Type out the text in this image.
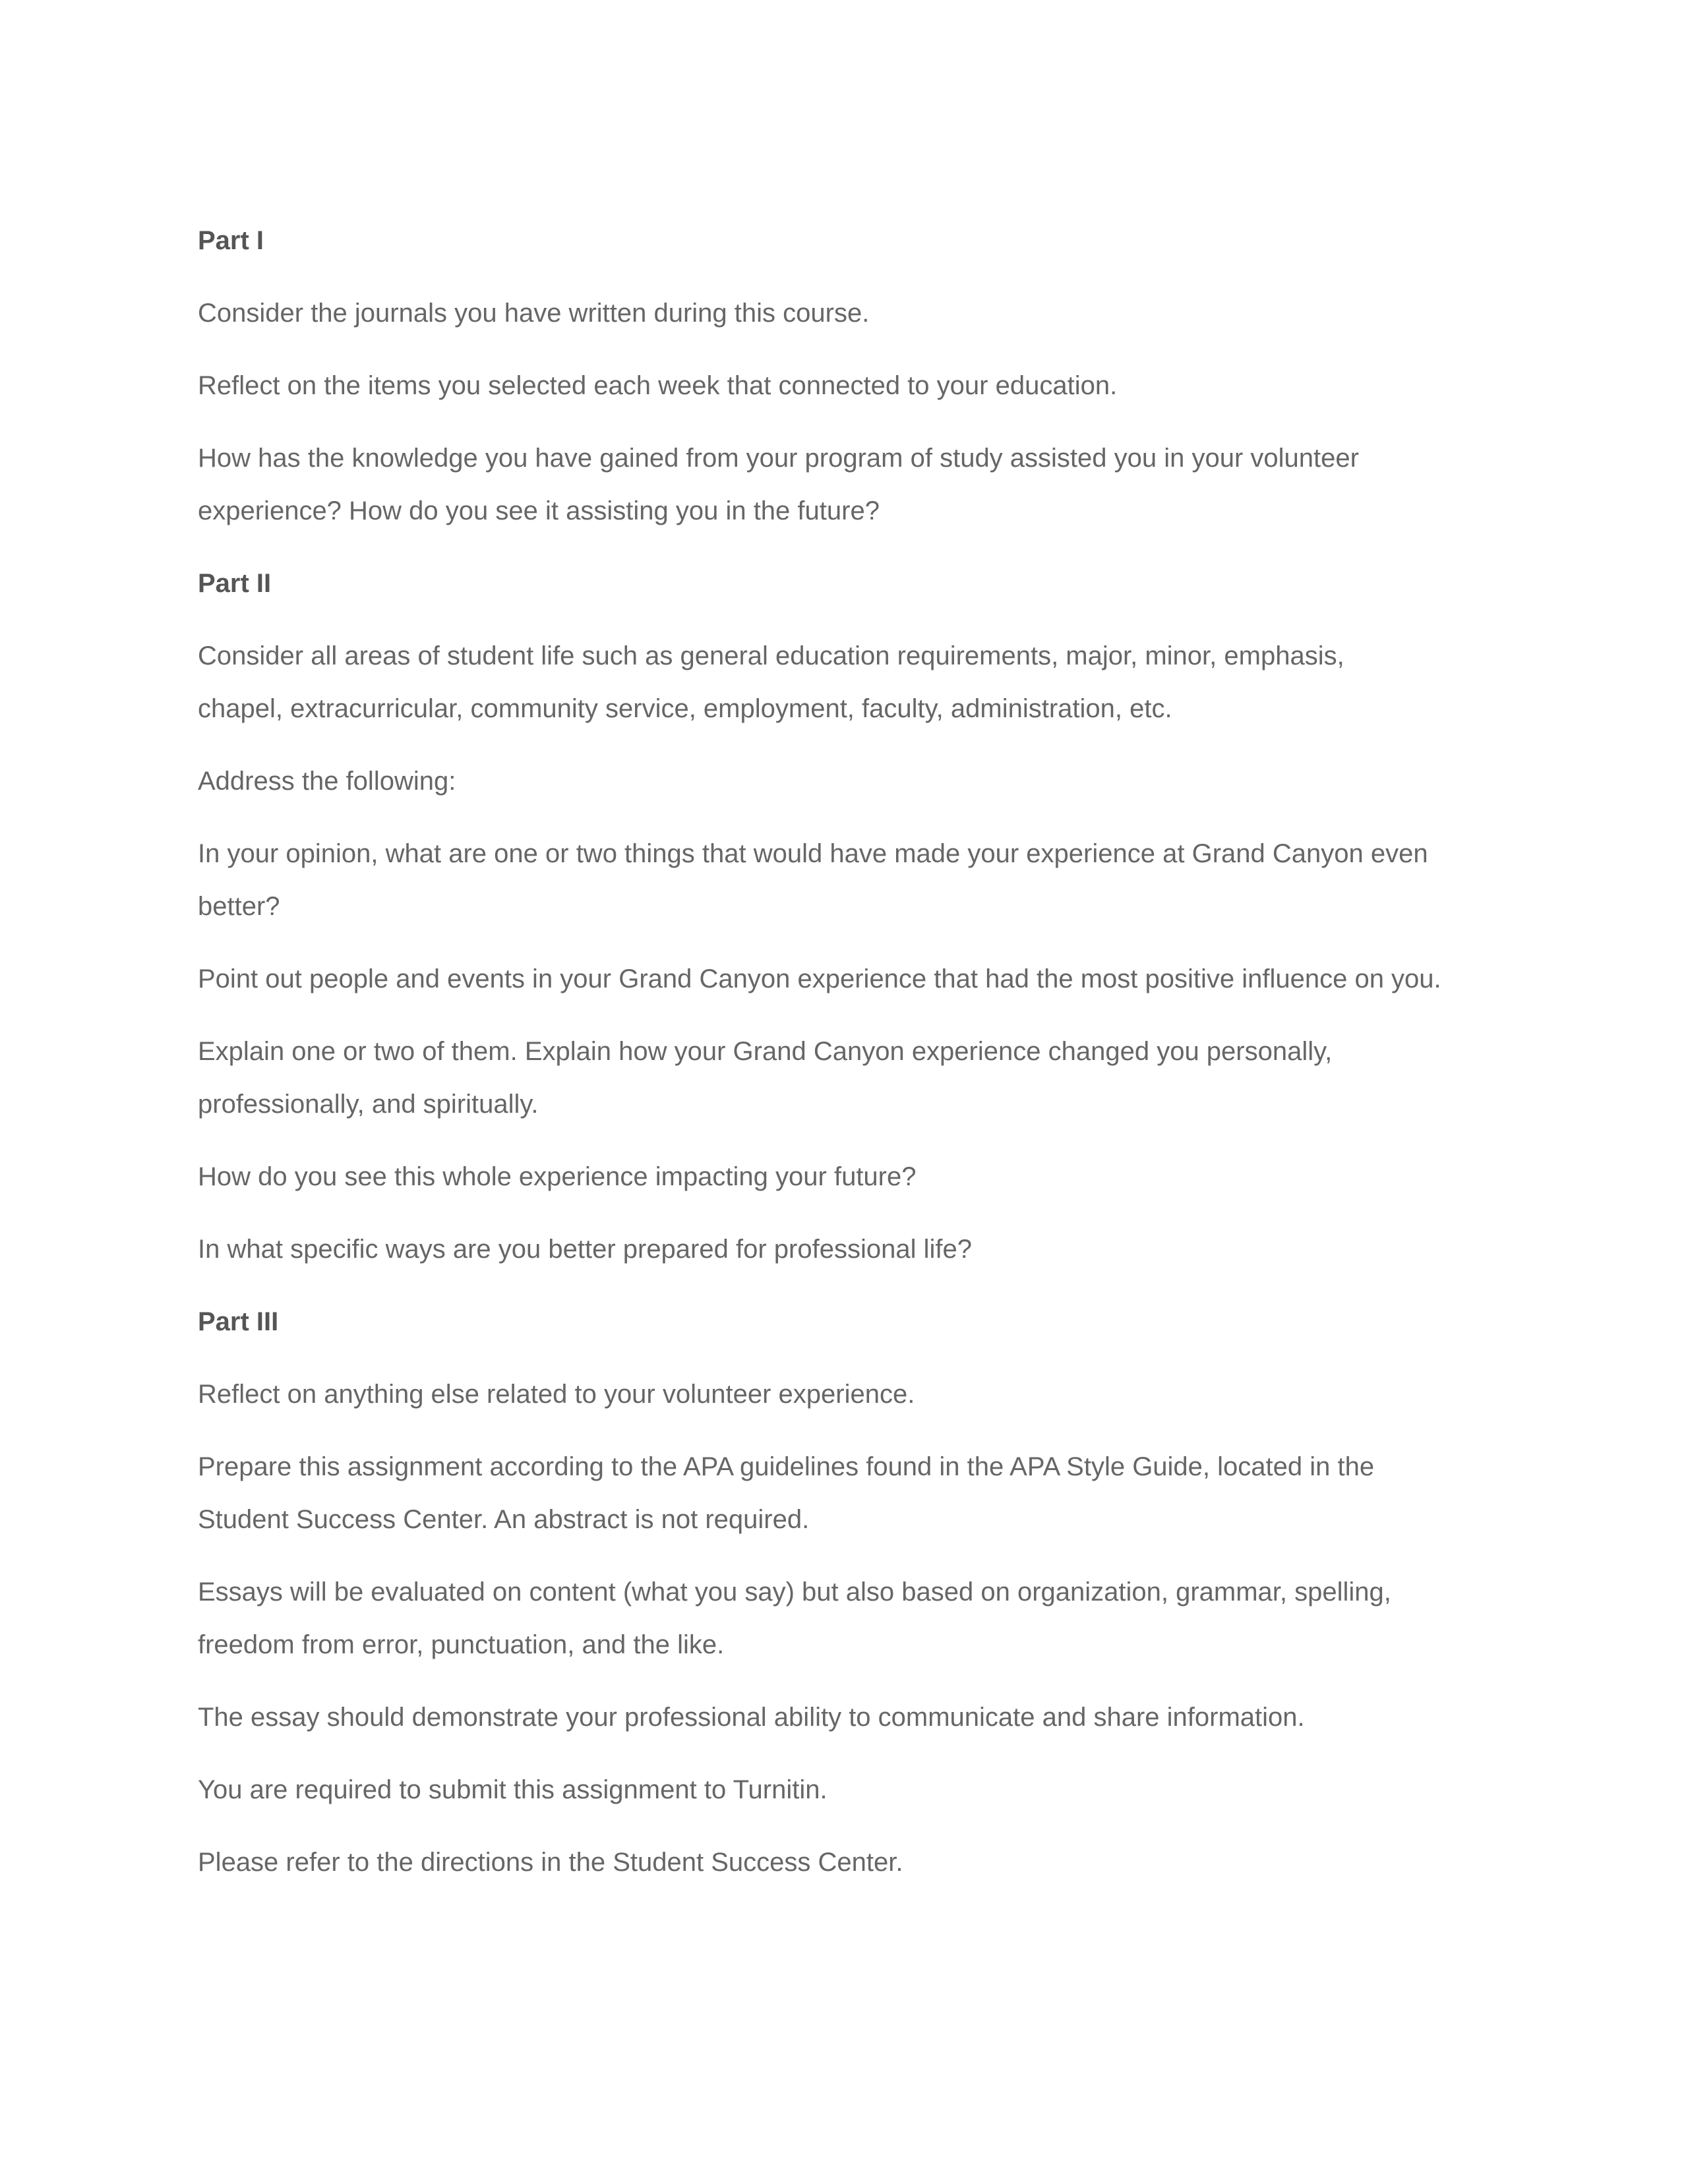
Part I
Consider the journals you have written during this course.
Reflect on the items you selected each week that connected to your education.
How has the knowledge you have gained from your program of study assisted you in your volunteer experience? How do you see it assisting you in the future?
Part II
Consider all areas of student life such as general education requirements, major, minor, emphasis, chapel, extracurricular, community service, employment, faculty, administration, etc.
Address the following:
In your opinion, what are one or two things that would have made your experience at Grand Canyon even better?
Point out people and events in your Grand Canyon experience that had the most positive influence on you.
Explain one or two of them. Explain how your Grand Canyon experience changed you personally, professionally, and spiritually.
How do you see this whole experience impacting your future?
In what specific ways are you better prepared for professional life?
Part III
Reflect on anything else related to your volunteer experience.
Prepare this assignment according to the APA guidelines found in the APA Style Guide, located in the Student Success Center. An abstract is not required.
Essays will be evaluated on content (what you say) but also based on organization, grammar, spelling, freedom from error, punctuation, and the like.
The essay should demonstrate your professional ability to communicate and share information.
You are required to submit this assignment to Turnitin.
Please refer to the directions in the Student Success Center.
